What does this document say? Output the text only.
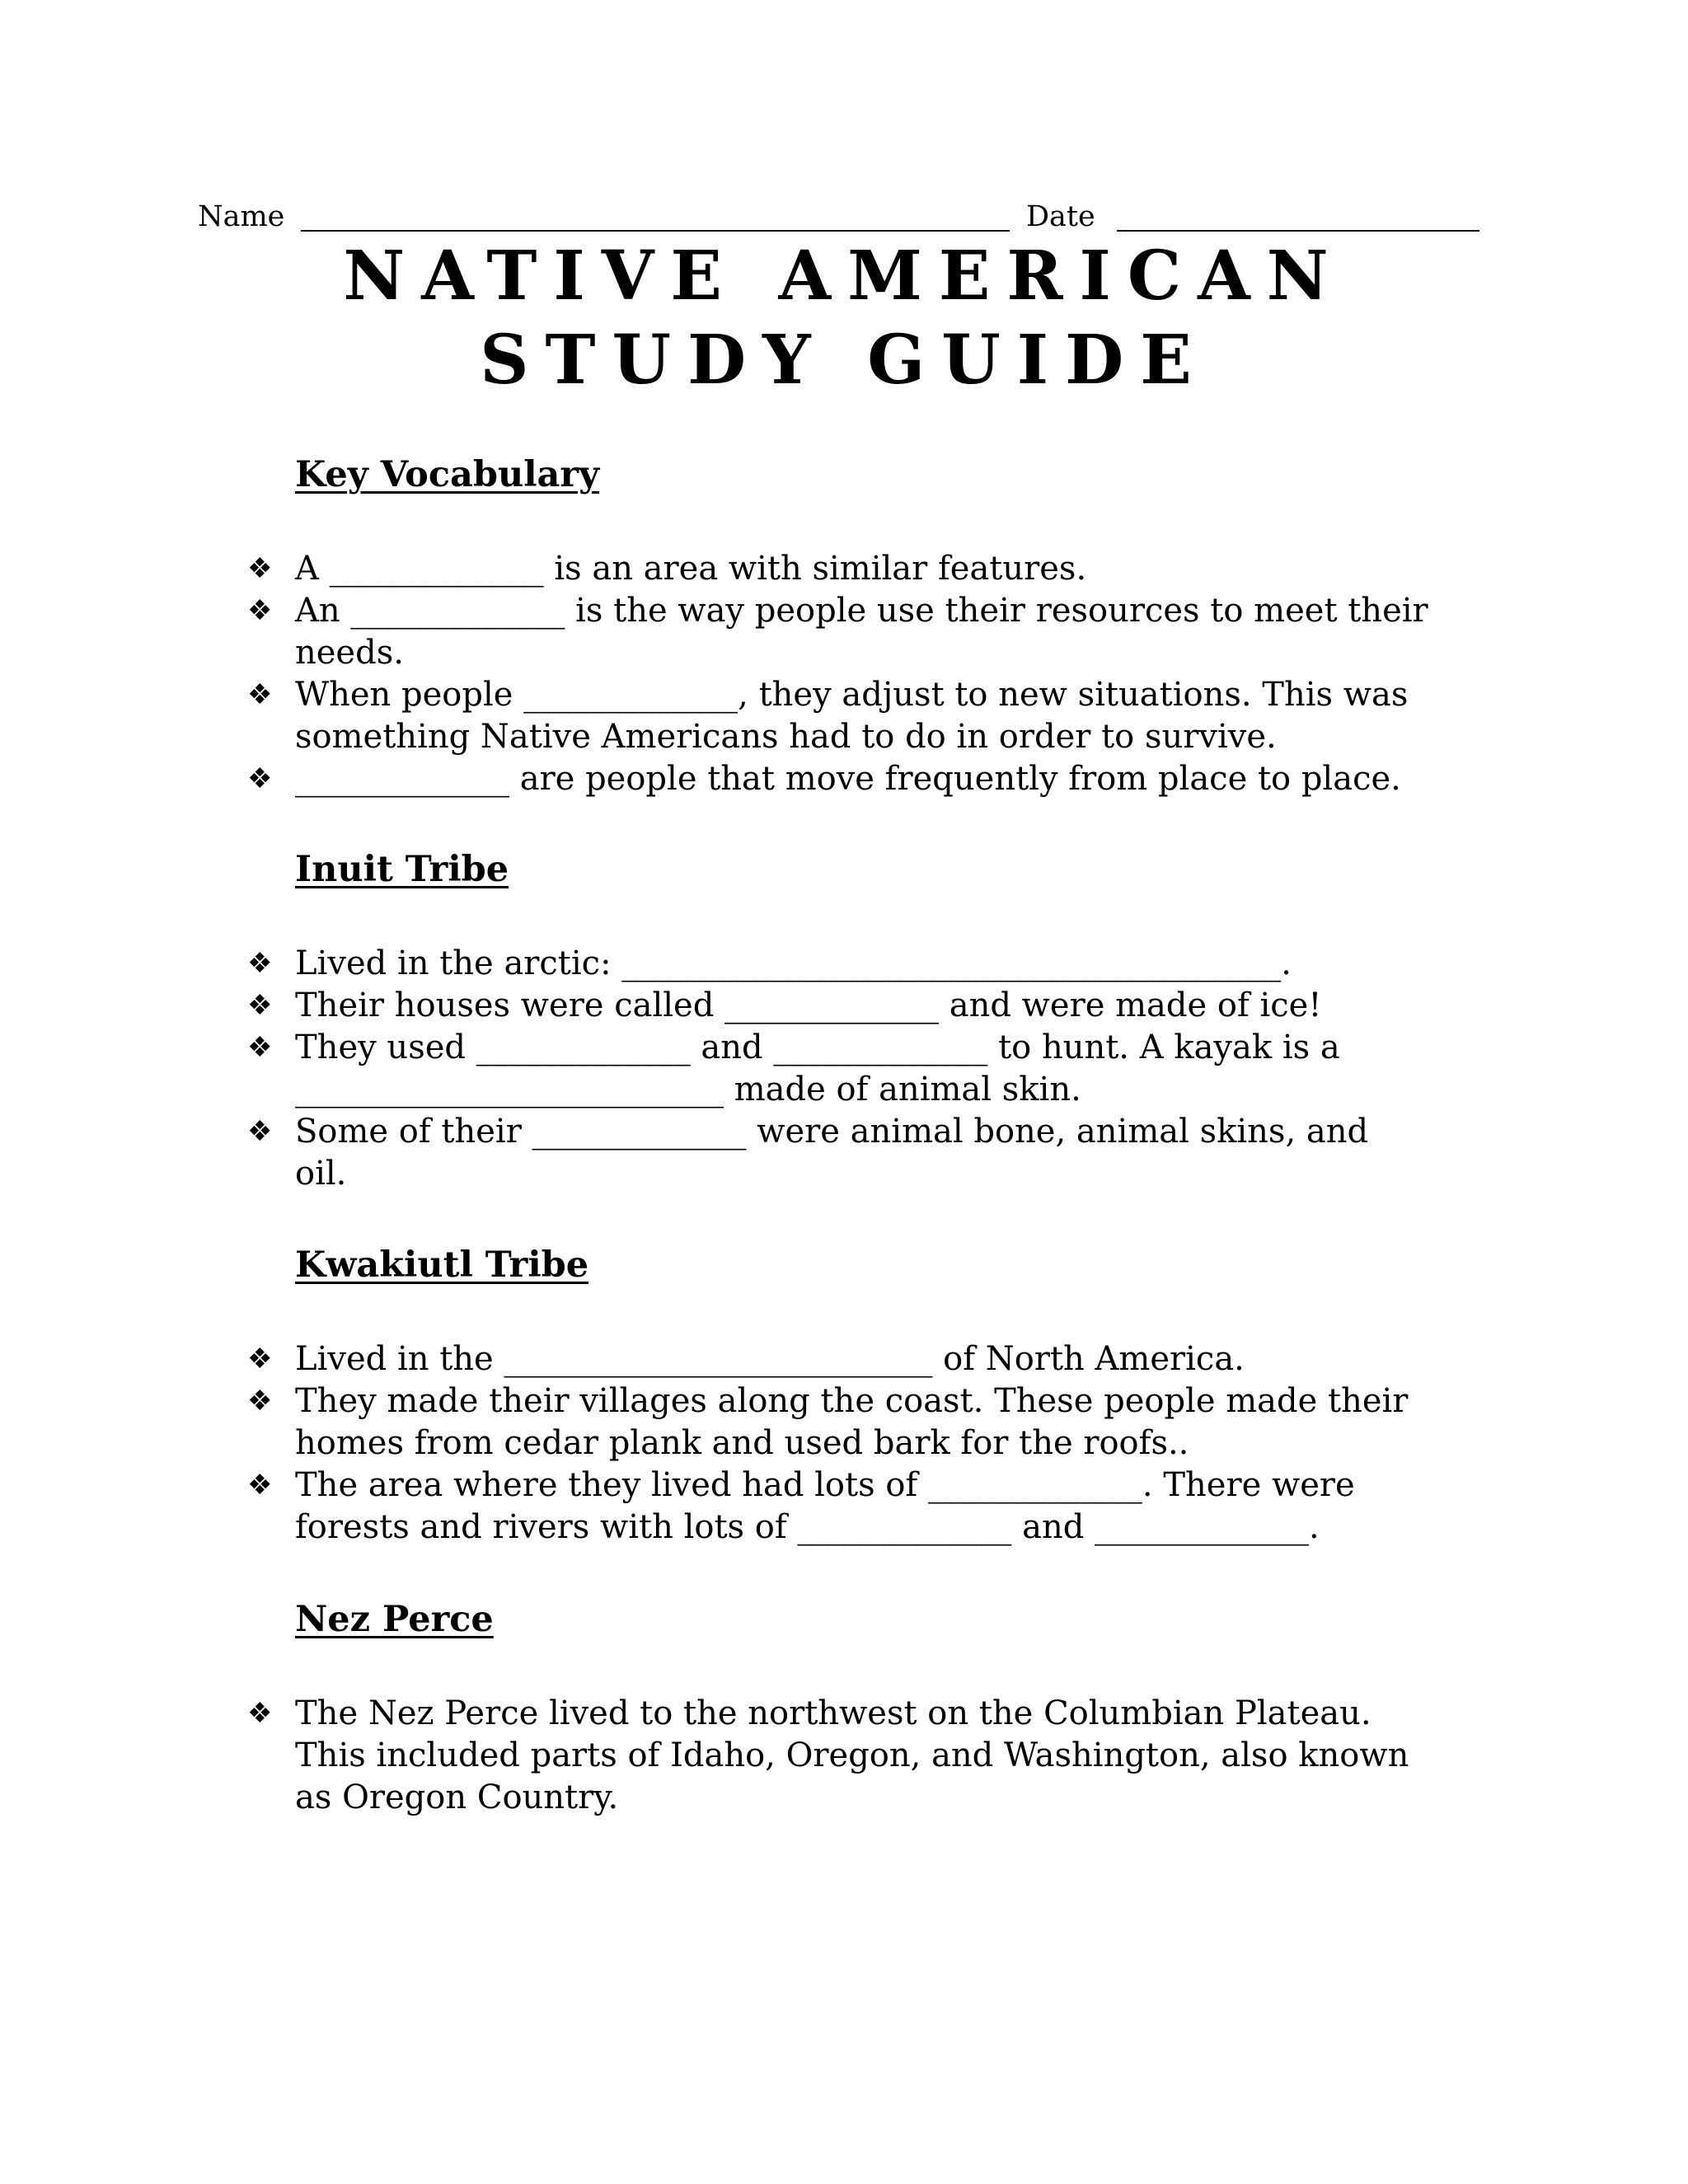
Name	Date
NATIVE AMERICAN
STUDY GUIDE
Key Vocabulary
❖ A _____________ is an area with similar features.
❖ An _____________ is the way people use their resources to meet their
needs.
❖ When people _____________, they adjust to new situations. This was
something Native Americans had to do in order to survive.
❖ _____________ are people that move frequently from place to place.
Inuit Tribe
❖ Lived in the arctic: ________________________________________.
❖ Their houses were called _____________ and were made of ice!
❖ They used _____________ and _____________ to hunt. A kayak is a
__________________________ made of animal skin.
❖ Some of their _____________ were animal bone, animal skins, and
oil.
Kwakiutl Tribe
❖ Lived in the __________________________ of North America.
❖ They made their villages along the coast. These people made their
homes from cedar plank and used bark for the roofs..
❖ The area where they lived had lots of _____________. There were
forests and rivers with lots of _____________ and _____________.
Nez Perce
❖ The Nez Perce lived to the northwest on the Columbian Plateau.
This included parts of Idaho, Oregon, and Washington, also known
as Oregon Country.
